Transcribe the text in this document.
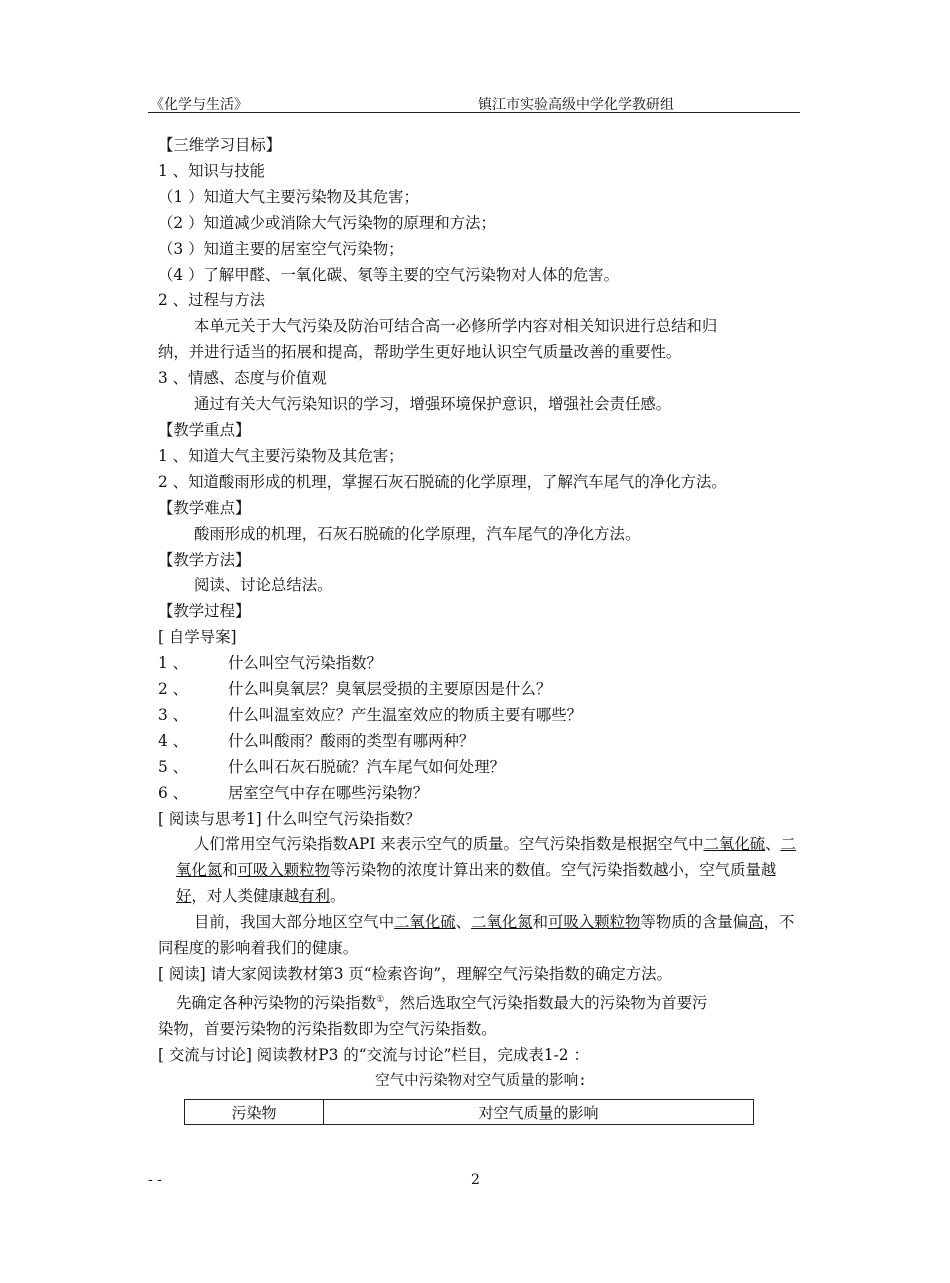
《化学与生活》	镇江市实验高级中学化学教研组
【三维学习目标】
1 、知识与技能
（1 ）知道大气主要污染物及其危害；
（2 ）知道减少或消除大气污染物的原理和方法；
（3 ）知道主要的居室空气污染物；
（4 ）了解甲醛、一氧化碳、氡等主要的空气污染物对人体的危害。
2 、过程与方法
本单元关于大气污染及防治可结合高一必修所学内容对相关知识进行总结和归
纳，并进行适当的拓展和提高，帮助学生更好地认识空气质量改善的重要性。
3 、情感、态度与价值观
通过有关大气污染知识的学习，增强环境保护意识，增强社会责任感。
【教学重点】
1 、知道大气主要污染物及其危害；
2 、知道酸雨形成的机理，掌握石灰石脱硫的化学原理，了解汽车尾气的净化方法。
【教学难点】
酸雨形成的机理，石灰石脱硫的化学原理，汽车尾气的净化方法。
【教学方法】
阅读、讨论总结法。
【教学过程】
[ 自学导案]
1 、	什么叫空气污染指数？
2 、	什么叫臭氧层？臭氧层受损的主要原因是什么？
3 、	什么叫温室效应？产生温室效应的物质主要有哪些？
4 、	什么叫酸雨？酸雨的类型有哪两种？
5 、	什么叫石灰石脱硫？汽车尾气如何处理？
6 、	居室空气中存在哪些污染物？
[ 阅读与思考1] 什么叫空气污染指数？
人们常用空气污染指数API 来表示空气的质量。空气污染指数是根据空气中二氧化硫、二氧化氮和可吸入颗粒物等污染物的浓度计算出来的数值。空气污染指数越小，空气质量越好，对人类健康越有利。
目前，我国大部分地区空气中二氧化硫、二氧化氮和可吸入颗粒物等物质的含量偏高，不同程度的影响着我们的健康。
[ 阅读] 请大家阅读教材第3 页“检索咨询”，理解空气污染指数的确定方法。
先确定各种污染物的污染指数①，然后选取空气污染指数最大的污染物为首要污
染物，首要污染物的污染指数即为空气污染指数。
[ 交流与讨论] 阅读教材P3 的“交流与讨论”栏目，完成表1-2 ：
空气中污染物对空气质量的影响:
污染物	对空气质量的影响
- -	2
